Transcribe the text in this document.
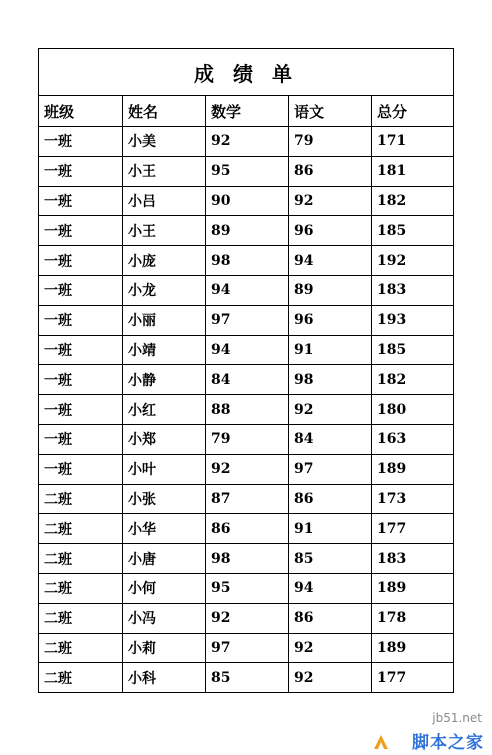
成 绩 单				
班级	姓名	数学	语文	总分
一班	小美	92	79	171
一班	小王	95	86	181
一班	小吕	90	92	182
一班	小王	89	96	185
一班	小庞	98	94	192
一班	小龙	94	89	183
一班	小丽	97	96	193
一班	小靖	94	91	185
一班	小静	84	98	182
一班	小红	88	92	180
一班	小郑	79	84	163
一班	小叶	92	97	189
二班	小张	87	86	173
二班	小华	86	91	177
二班	小唐	98	85	183
二班	小何	95	94	189
二班	小冯	92	86	178
二班	小莉	97	92	189
二班	小科	85	92	177
jb51.net
脚本之家
